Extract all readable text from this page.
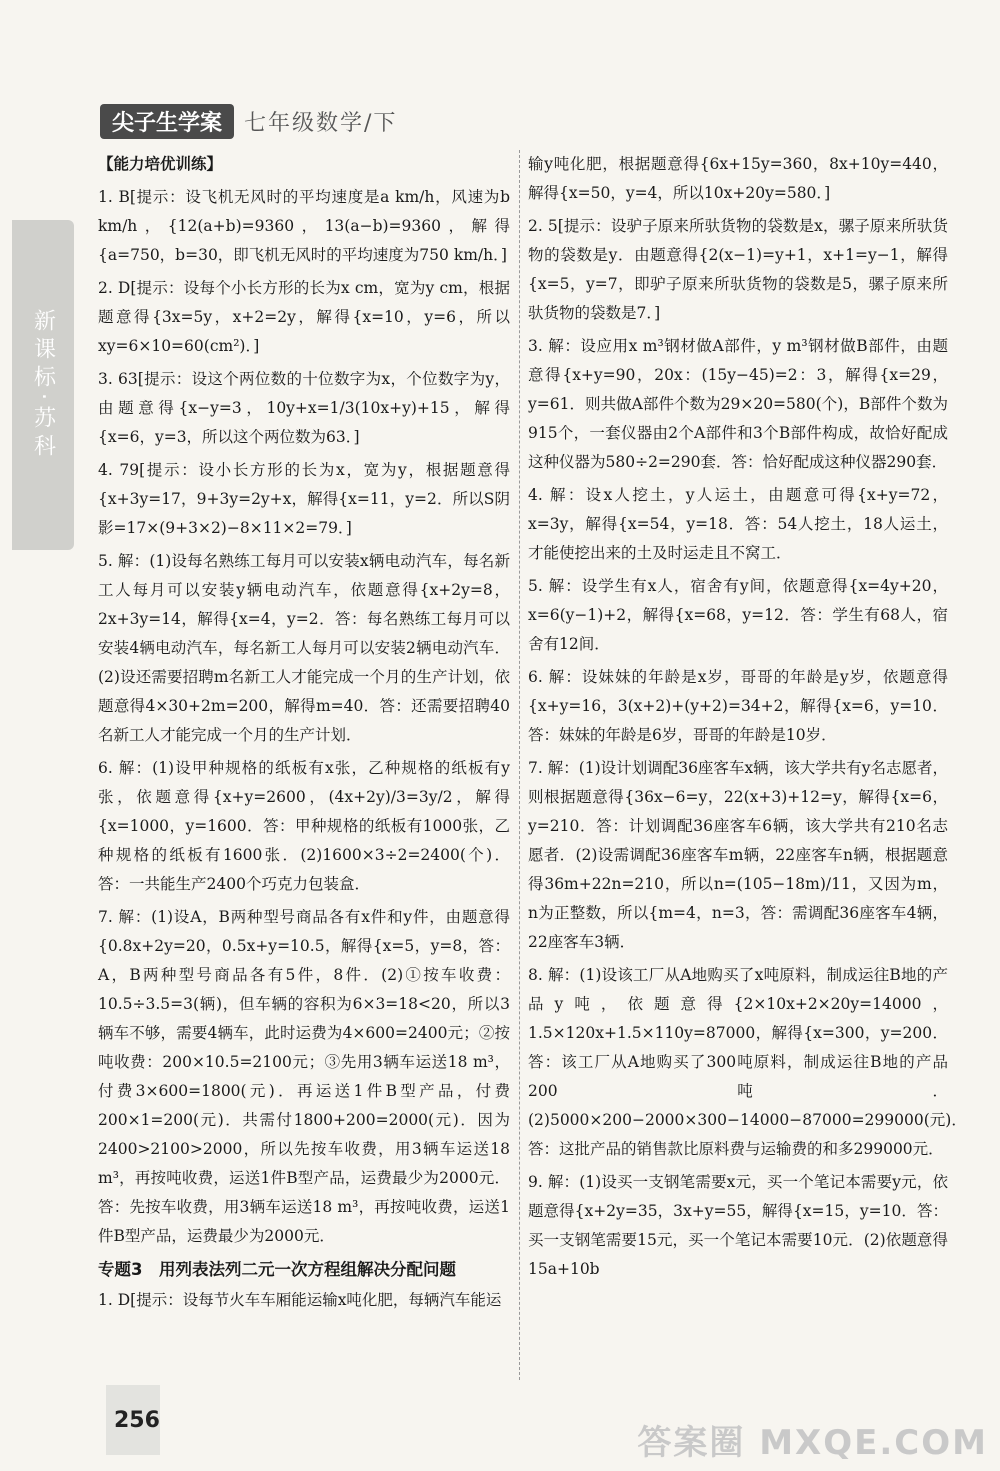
尖子生学案	七年级数学/下
新课标·苏科
【能力培优训练】
1. B[提示：设飞机无风时的平均速度是a km/h，风速为b km/h，{12(a+b)=9360，13(a−b)=9360，解得{a=750，b=30，即飞机无风时的平均速度为750 km/h．]
2. D[提示：设每个小长方形的长为x cm，宽为y cm，根据题意得{3x=5y，x+2=2y，解得{x=10，y=6，所以xy=6×10=60(cm²)．]
3. 63[提示：设这个两位数的十位数字为x，个位数字为y，由题意得{x−y=3，10y+x=1/3(10x+y)+15，解得{x=6，y=3，所以这个两位数为63．]
4. 79[提示：设小长方形的长为x，宽为y，根据题意得{x+3y=17，9+3y=2y+x，解得{x=11，y=2．所以S阴影=17×(9+3×2)−8×11×2=79．]
5. 解：(1)设每名熟练工每月可以安装x辆电动汽车，每名新工人每月可以安装y辆电动汽车，依题意得{x+2y=8，2x+3y=14，解得{x=4，y=2．答：每名熟练工每月可以安装4辆电动汽车，每名新工人每月可以安装2辆电动汽车．(2)设还需要招聘m名新工人才能完成一个月的生产计划，依题意得4×30+2m=200，解得m=40．答：还需要招聘40名新工人才能完成一个月的生产计划．
6. 解：(1)设甲种规格的纸板有x张，乙种规格的纸板有y张，依题意得{x+y=2600，(4x+2y)/3=3y/2，解得{x=1000，y=1600．答：甲种规格的纸板有1000张，乙种规格的纸板有1600张．(2)1600×3÷2=2400(个)．答：一共能生产2400个巧克力包装盒．
7. 解：(1)设A，B两种型号商品各有x件和y件，由题意得{0.8x+2y=20，0.5x+y=10.5，解得{x=5，y=8，答：A，B两种型号商品各有5件，8件．(2)①按车收费：10.5÷3.5=3(辆)，但车辆的容积为6×3=18<20，所以3辆车不够，需要4辆车，此时运费为4×600=2400元；②按吨收费：200×10.5=2100元；③先用3辆车运送18 m³，付费3×600=1800(元)．再运送1件B型产品，付费200×1=200(元)．共需付1800+200=2000(元)．因为2400>2100>2000，所以先按车收费，用3辆车运送18 m³，再按吨收费，运送1件B型产品，运费最少为2000元．答：先按车收费，用3辆车运送18 m³，再按吨收费，运送1件B型产品，运费最少为2000元．
专题3　用列表法列二元一次方程组解决分配问题
1. D[提示：设每节火车车厢能运输x吨化肥，每辆汽车能运
输y吨化肥，根据题意得{6x+15y=360，8x+10y=440，解得{x=50，y=4，所以10x+20y=580．]
2. 5[提示：设驴子原来所驮货物的袋数是x，骡子原来所驮货物的袋数是y．由题意得{2(x−1)=y+1，x+1=y−1，解得{x=5，y=7，即驴子原来所驮货物的袋数是5，骡子原来所驮货物的袋数是7．]
3. 解：设应用x m³钢材做A部件，y m³钢材做B部件，由题意得{x+y=90，20x：(15y−45)=2：3，解得{x=29，y=61．则共做A部件个数为29×20=580(个)，B部件个数为915个，一套仪器由2个A部件和3个B部件构成，故恰好配成这种仪器为580÷2=290套．答：恰好配成这种仪器290套．
4. 解：设x人挖土，y人运土，由题意可得{x+y=72，x=3y，解得{x=54，y=18．答：54人挖土，18人运土，才能使挖出来的土及时运走且不窝工．
5. 解：设学生有x人，宿舍有y间，依题意得{x=4y+20，x=6(y−1)+2，解得{x=68，y=12．答：学生有68人，宿舍有12间．
6. 解：设妹妹的年龄是x岁，哥哥的年龄是y岁，依题意得{x+y=16，3(x+2)+(y+2)=34+2，解得{x=6，y=10．答：妹妹的年龄是6岁，哥哥的年龄是10岁．
7. 解：(1)设计划调配36座客车x辆，该大学共有y名志愿者，则根据题意得{36x−6=y，22(x+3)+12=y，解得{x=6，y=210．答：计划调配36座客车6辆，该大学共有210名志愿者．(2)设需调配36座客车m辆，22座客车n辆，根据题意得36m+22n=210，所以n=(105−18m)/11，又因为m，n为正整数，所以{m=4，n=3，答：需调配36座客车4辆，22座客车3辆．
8. 解：(1)设该工厂从A地购买了x吨原料，制成运往B地的产品y吨，依题意得{2×10x+2×20y=14000，1.5×120x+1.5×110y=87000，解得{x=300，y=200．答：该工厂从A地购买了300吨原料，制成运往B地的产品200吨．(2)5000×200−2000×300−14000−87000=299000(元)．答：这批产品的销售款比原料费与运输费的和多299000元．
9. 解：(1)设买一支钢笔需要x元，买一个笔记本需要y元，依题意得{x+2y=35，3x+y=55，解得{x=15，y=10．答：买一支钢笔需要15元，买一个笔记本需要10元．(2)依题意得15a+10b
256
答案圈 MXQE.COM
